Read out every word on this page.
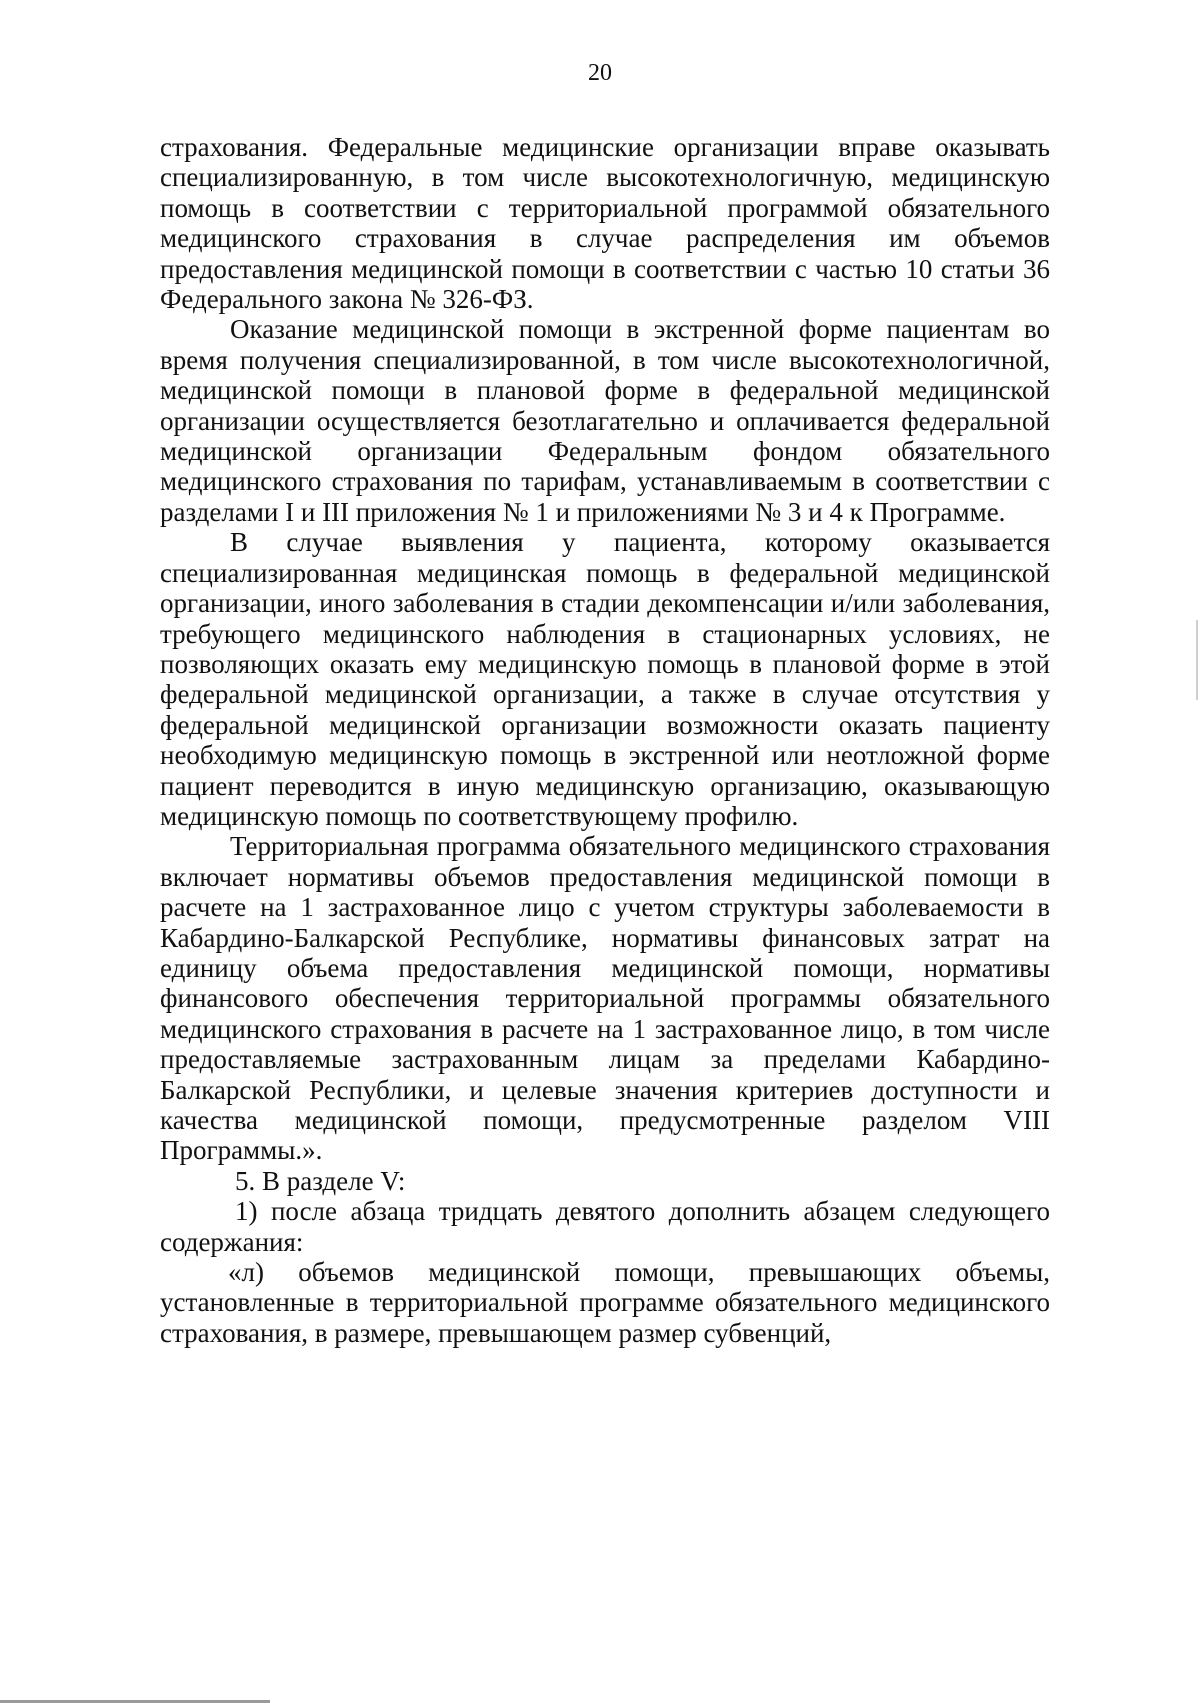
20

страхования. Федеральные медицинские организации вправе оказывать специализированную, в том числе высокотехнологичную, медицинскую помощь в соответствии с территориальной программой обязательного медицинского страхования в случае распределения им объемов предоставления медицинской помощи в соответствии с частью 10 статьи 36 Федерального закона № 326-ФЗ.

Оказание медицинской помощи в экстренной форме пациентам во время получения специализированной, в том числе высокотехнологичной, медицинской помощи в плановой форме в федеральной медицинской организации осуществляется безотлагательно и оплачивается федеральной медицинской организации Федеральным фондом обязательного медицинского страхования по тарифам, устанавливаемым в соответствии с разделами I и III приложения № 1 и приложениями № 3 и 4 к Программе.

В случае выявления у пациента, которому оказывается специализированная медицинская помощь в федеральной медицинской организации, иного заболевания в стадии декомпенсации и/или заболевания, требующего медицинского наблюдения в стационарных условиях, не позволяющих оказать ему медицинскую помощь в плановой форме в этой федеральной медицинской организации, а также в случае отсутствия у федеральной медицинской организации возможности оказать пациенту необходимую медицинскую помощь в экстренной или неотложной форме пациент переводится в иную медицинскую организацию, оказывающую медицинскую помощь по соответствующему профилю.

Территориальная программа обязательного медицинского страхования включает нормативы объемов предоставления медицинской помощи в расчете на 1 застрахованное лицо с учетом структуры заболеваемости в Кабардино-Балкарской Республике, нормативы финансовых затрат на единицу объема предоставления медицинской помощи, нормативы финансового обеспечения территориальной программы обязательного медицинского страхования в расчете на 1 застрахованное лицо, в том числе предоставляемые застрахованным лицам за пределами Кабардино-Балкарской Республики, и целевые значения критериев доступности и качества медицинской помощи, предусмотренные разделом VIII Программы.».

5. В разделе V:

1) после абзаца тридцать девятого дополнить абзацем следующего содержания:

«л) объемов медицинской помощи, превышающих объемы, установленные в территориальной программе обязательного медицинского страхования, в размере, превышающем размер субвенций,
